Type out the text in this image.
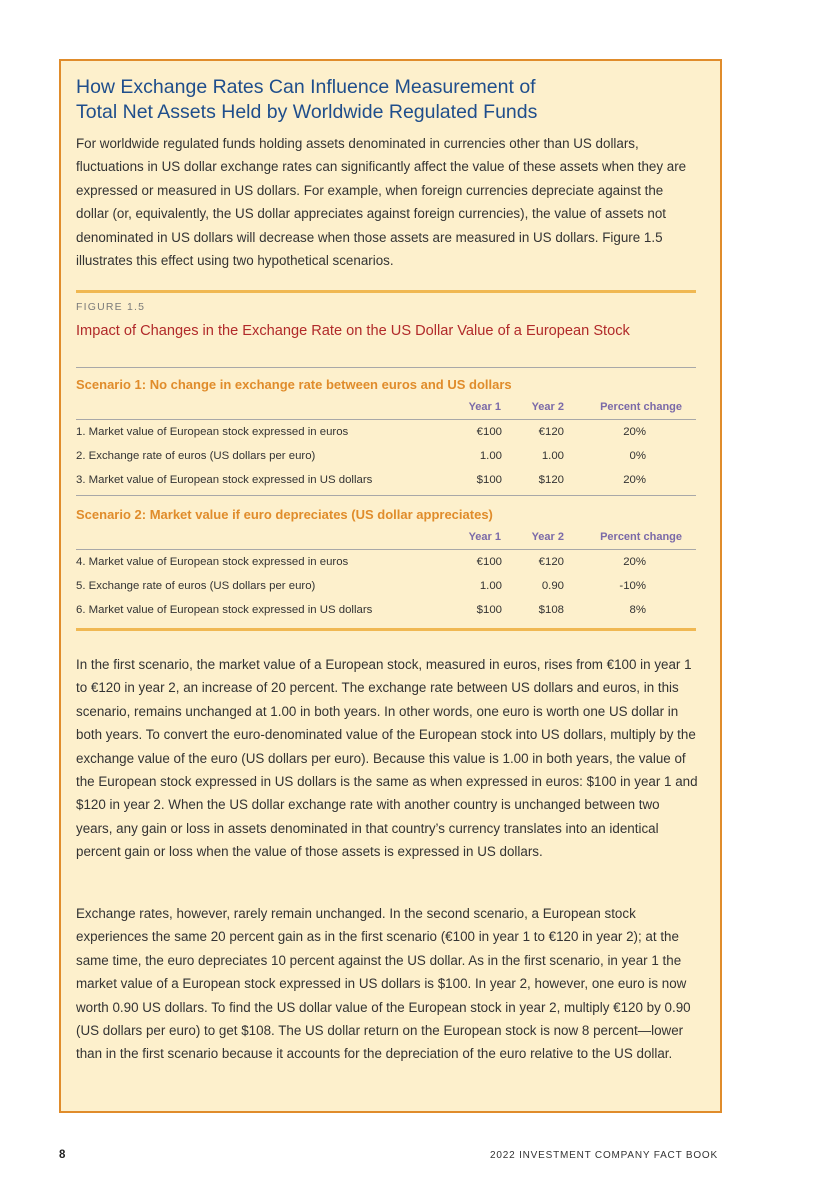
How Exchange Rates Can Influence Measurement of
Total Net Assets Held by Worldwide Regulated Funds

For worldwide regulated funds holding assets denominated in currencies other than US dollars, fluctuations in US dollar exchange rates can significantly affect the value of these assets when they are expressed or measured in US dollars. For example, when foreign currencies depreciate against the dollar (or, equivalently, the US dollar appreciates against foreign currencies), the value of assets not denominated in US dollars will decrease when those assets are measured in US dollars. Figure 1.5 illustrates this effect using two hypothetical scenarios.

FIGURE 1.5
Impact of Changes in the Exchange Rate on the US Dollar Value of a European Stock
Scenario 1: No change in exchange rate between euros and US dollars
Year 1	Year 2	Percent change
1. Market value of European stock expressed in euros	€100	€120	20%
2. Exchange rate of euros (US dollars per euro)	1.00	1.00	0%
3. Market value of European stock expressed in US dollars	$100	$120	20%
Scenario 2: Market value if euro depreciates (US dollar appreciates)
Year 1	Year 2	Percent change
4. Market value of European stock expressed in euros	€100	€120	20%
5. Exchange rate of euros (US dollars per euro)	1.00	0.90	-10%
6. Market value of European stock expressed in US dollars	$100	$108	8%

In the first scenario, the market value of a European stock, measured in euros, rises from €100 in year 1 to €120 in year 2, an increase of 20 percent. The exchange rate between US dollars and euros, in this scenario, remains unchanged at 1.00 in both years. In other words, one euro is worth one US dollar in both years. To convert the euro-denominated value of the European stock into US dollars, multiply by the exchange value of the euro (US dollars per euro). Because this value is 1.00 in both years, the value of the European stock expressed in US dollars is the same as when expressed in euros: $100 in year 1 and $120 in year 2. When the US dollar exchange rate with another country is unchanged between two years, any gain or loss in assets denominated in that country’s currency translates into an identical percent gain or loss when the value of those assets is expressed in US dollars.

Exchange rates, however, rarely remain unchanged. In the second scenario, a European stock experiences the same 20 percent gain as in the first scenario (€100 in year 1 to €120 in year 2); at the same time, the euro depreciates 10 percent against the US dollar. As in the first scenario, in year 1 the market value of a European stock expressed in US dollars is $100. In year 2, however, one euro is now worth 0.90 US dollars. To find the US dollar value of the European stock in year 2, multiply €120 by 0.90 (US dollars per euro) to get $108. The US dollar return on the European stock is now 8 percent—lower than in the first scenario because it accounts for the depreciation of the euro relative to the US dollar.

8	2022 INVESTMENT COMPANY FACT BOOK
